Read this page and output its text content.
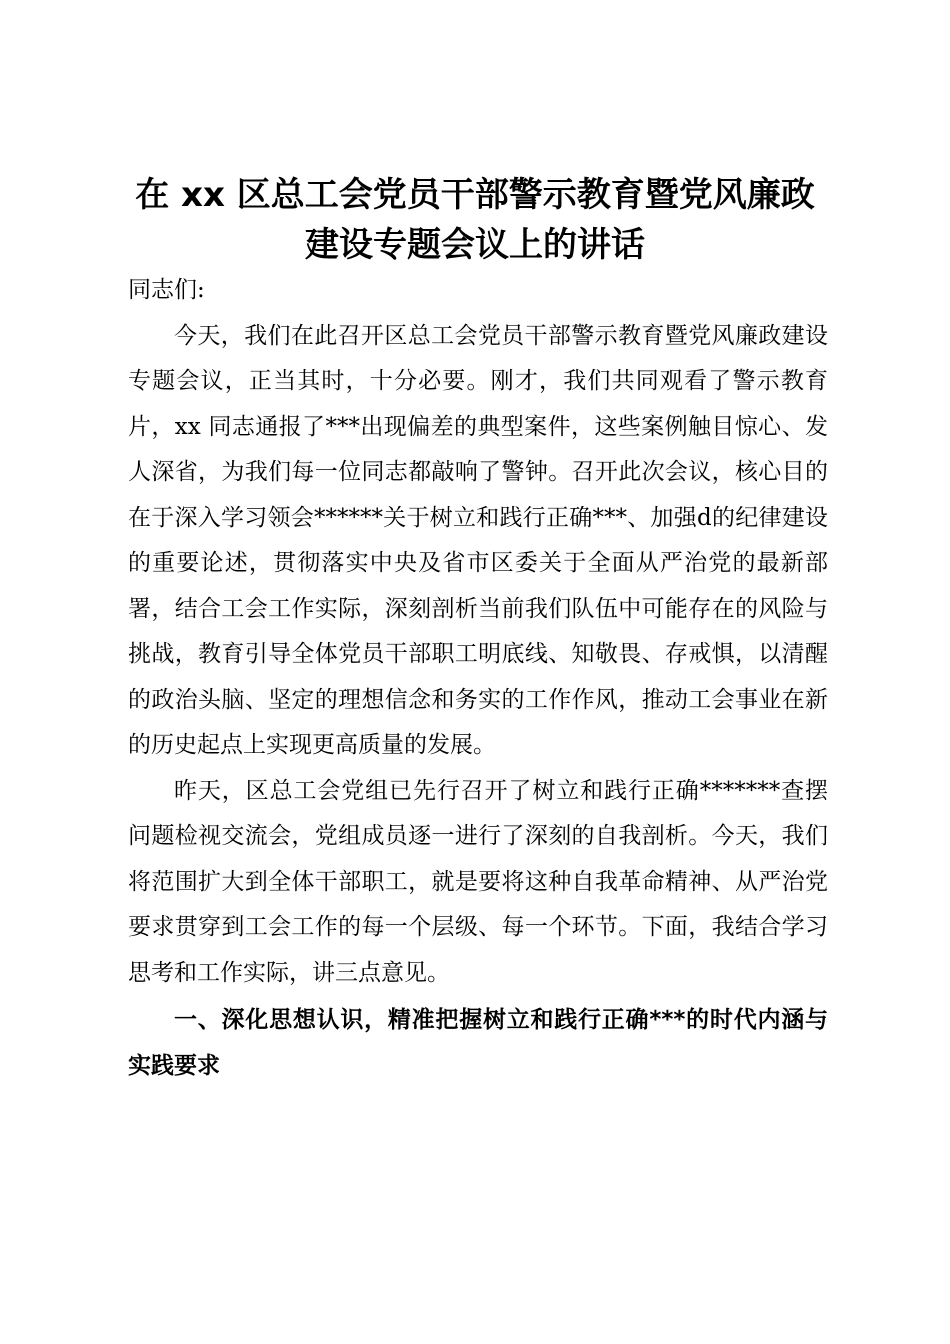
在 xx 区总工会党员干部警示教育暨党风廉政
建设专题会议上的讲话

同志们:

今天，我们在此召开区总工会党员干部警示教育暨党风廉政建设专题会议，正当其时，十分必要。刚才，我们共同观看了警示教育片，xx 同志通报了***出现偏差的典型案件，这些案例触目惊心、发人深省，为我们每一位同志都敲响了警钟。召开此次会议，核心目的在于深入学习领会******关于树立和践行正确***、加强d的纪律建设的重要论述，贯彻落实中央及省市区委关于全面从严治党的最新部署，结合工会工作实际，深刻剖析当前我们队伍中可能存在的风险与挑战，教育引导全体党员干部职工明底线、知敬畏、存戒惧，以清醒的政治头脑、坚定的理想信念和务实的工作作风，推动工会事业在新的历史起点上实现更高质量的发展。

昨天，区总工会党组已先行召开了树立和践行正确*******查摆问题检视交流会，党组成员逐一进行了深刻的自我剖析。今天，我们将范围扩大到全体干部职工，就是要将这种自我革命精神、从严治党要求贯穿到工会工作的每一个层级、每一个环节。下面，我结合学习思考和工作实际，讲三点意见。

一、深化思想认识，精准把握树立和践行正确***的时代内涵与实践要求
